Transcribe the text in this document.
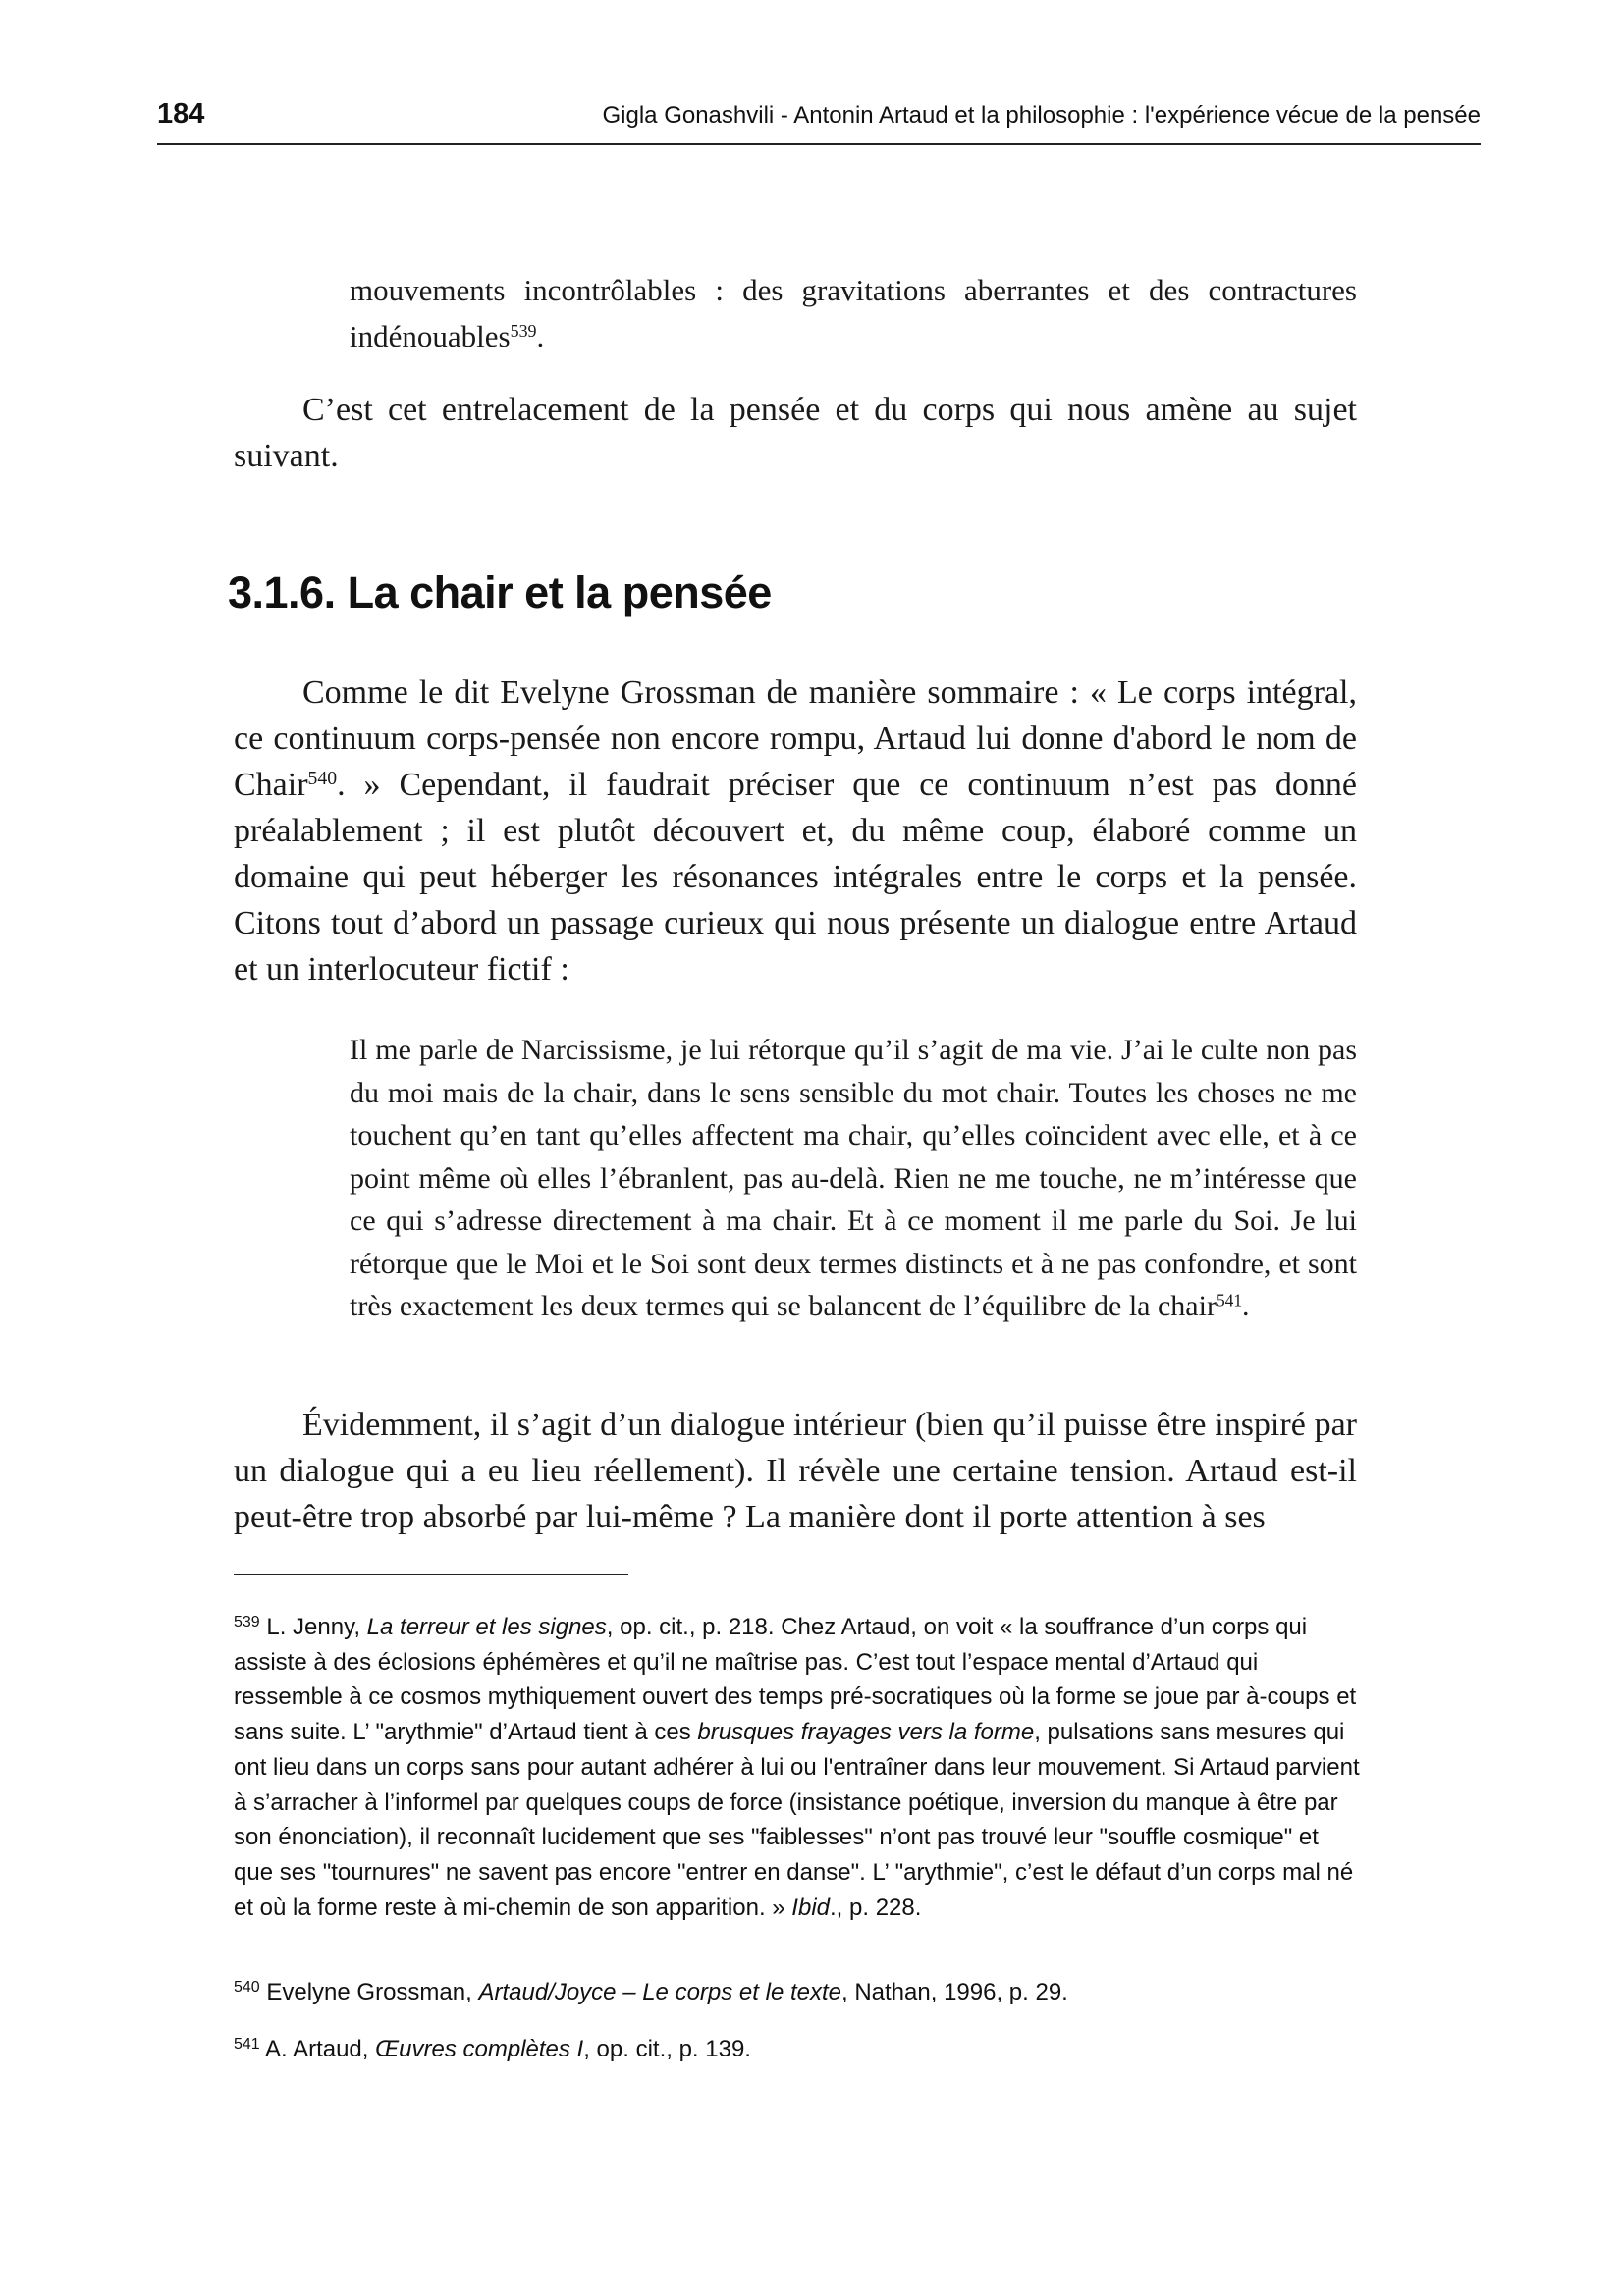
184	Gigla Gonashvili - Antonin Artaud et la philosophie : l'expérience vécue de la pensée
mouvements incontrôlables : des gravitations aberrantes et des contractures indénouables$^{539}$.
C’est cet entrelacement de la pensée et du corps qui nous amène au sujet suivant.
3.1.6. La chair et la pensée
Comme le dit Evelyne Grossman de manière sommaire : « Le corps intégral, ce continuum corps-pensée non encore rompu, Artaud lui donne d'abord le nom de Chair$^{540}$. » Cependant, il faudrait préciser que ce continuum n’est pas donné préalablement ; il est plutôt découvert et, du même coup, élaboré comme un domaine qui peut héberger les résonances intégrales entre le corps et la pensée. Citons tout d’abord un passage curieux qui nous présente un dialogue entre Artaud et un interlocuteur fictif :
Il me parle de Narcissisme, je lui rétorque qu’il s’agit de ma vie. J’ai le culte non pas du moi mais de la chair, dans le sens sensible du mot chair. Toutes les choses ne me touchent qu’en tant qu’elles affectent ma chair, qu’elles coïncident avec elle, et à ce point même où elles l’ébranlent, pas au-delà. Rien ne me touche, ne m’intéresse que ce qui s’adresse directement à ma chair. Et à ce moment il me parle du Soi. Je lui rétorque que le Moi et le Soi sont deux termes distincts et à ne pas confondre, et sont très exactement les deux termes qui se balancent de l’équilibre de la chair$^{541}$.
Évidemment, il s’agit d’un dialogue intérieur (bien qu’il puisse être inspiré par un dialogue qui a eu lieu réellement). Il révèle une certaine tension. Artaud est-il peut-être trop absorbé par lui-même ? La manière dont il porte attention à ses
$^{539}$ L. Jenny, La terreur et les signes, op. cit., p. 218. Chez Artaud, on voit « la souffrance d’un corps qui assiste à des éclosions éphémères et qu’il ne maîtrise pas. C’est tout l’espace mental d’Artaud qui ressemble à ce cosmos mythiquement ouvert des temps pré-socratiques où la forme se joue par à-coups et sans suite. L’ "arythmie" d’Artaud tient à ces brusques frayages vers la forme, pulsations sans mesures qui ont lieu dans un corps sans pour autant adhérer à lui ou l'entraîner dans leur mouvement. Si Artaud parvient à s’arracher à l’informel par quelques coups de force (insistance poétique, inversion du manque à être par son énonciation), il reconnaît lucidement que ses "faiblesses" n’ont pas trouvé leur "souffle cosmique" et que ses "tournures" ne savent pas encore "entrer en danse". L’ "arythmie", c’est le défaut d’un corps mal né et où la forme reste à mi-chemin de son apparition. » Ibid., p. 228.
$^{540}$ Evelyne Grossman, Artaud/Joyce – Le corps et le texte, Nathan, 1996, p. 29.
$^{541}$ A. Artaud, Œuvres complètes I, op. cit., p. 139.
